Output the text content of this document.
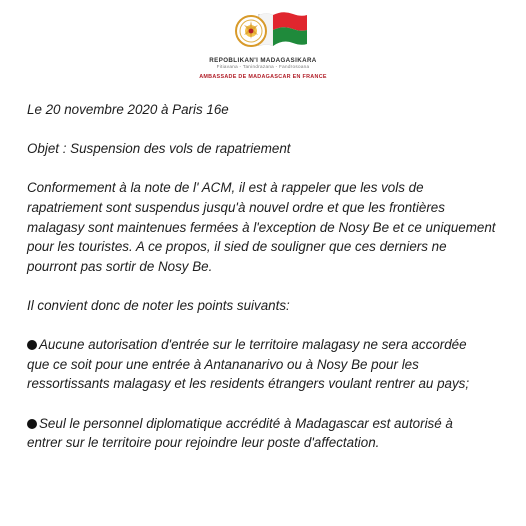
REPOBLIKAN'I MADAGASIKARA
Fitiavana - Tanindrazana - Fandrosoana
AMBASSADE DE MADAGASCAR EN FRANCE

Le 20 novembre 2020 à Paris 16e

Objet : Suspension des vols de rapatriement

Conformement à la note de l' ACM, il est à rappeler que les vols de
rapatriement sont suspendus jusqu'à nouvel ordre et que les frontières
malagasy sont maintenues fermées à l'exception de Nosy Be et ce uniquement
pour les touristes. A ce propos, il sied de souligner que ces derniers ne
pourront pas sortir de Nosy Be.

Il convient donc de noter les points suivants:

Aucune autorisation d'entrée sur le territoire malagasy ne sera accordée
que ce soit pour une entrée à Antananarivo ou à Nosy Be pour les
ressortissants malagasy et les residents étrangers voulant rentrer au pays;

Seul le personnel diplomatique accrédité à Madagascar est autorisé à
entrer sur le territoire pour rejoindre leur poste d'affectation.
